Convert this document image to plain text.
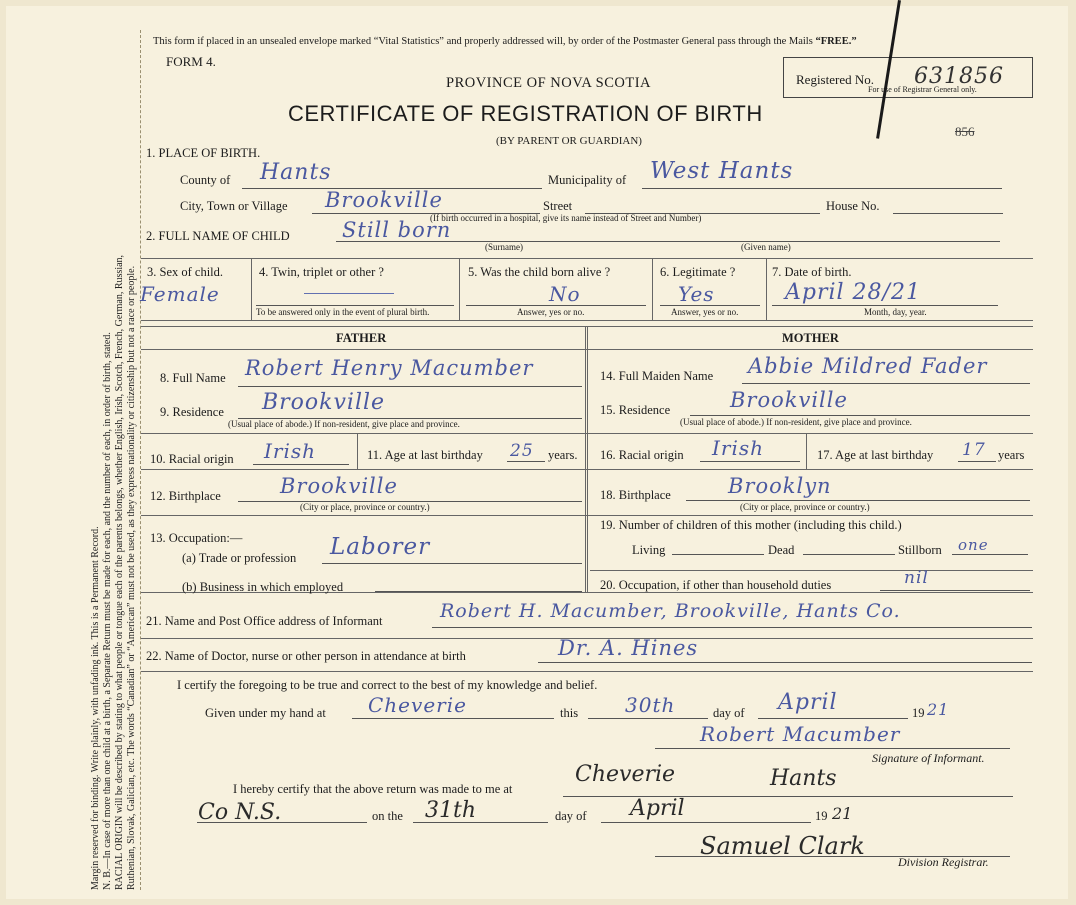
Margin reserved for binding. Write plainly, with unfading ink. This is a Permanent Record. N. B.—In case of more than one child at a birth, a Separate Return must be made for each, and the number of each, in order of birth, stated. RACIAL ORIGIN will be described by stating to what people or tongue each of the parents belongs, whether English, Irish, Scotch, French, German, Russian, Ruthenian, Slovak, Galician, etc. The words “Canadian” or “American” must not be used, as they express nationality or citizenship but not a race or people.
This form if placed in an unsealed envelope marked “Vital Statistics” and properly addressed will, by order of the Postmaster General pass through the Mails “FREE.”
FORM 4.
PROVINCE OF NOVA SCOTIA
CERTIFICATE OF REGISTRATION OF BIRTH
(BY PARENT OR GUARDIAN)
Registered No. 631856
For use of Registrar General only.
856
1. PLACE OF BIRTH.
County of Hants	Municipality of West Hants
City, Town or Village Brookville	Street	House No.
(If birth occurred in a hospital, give its name instead of Street and Number)
2. FULL NAME OF CHILD Still born
(Surname)	(Given name)
3. Sex of child.
Female
4. Twin, triplet or other ?
To be answered only in the event of plural birth.
5. Was the child born alive ?
No
Answer, yes or no.
6. Legitimate ?
Yes
Answer, yes or no.
7. Date of birth.
April 28/21
Month, day, year.
FATHER	MOTHER
8. Full Name Robert Henry Macumber
9. Residence Brookville
(Usual place of abode.) If non-resident, give place and province.
10. Racial origin Irish	11. Age at last birthday 25 years.
12. Birthplace	Brookville
(City or place, province or country.)
13. Occupation:—
(a) Trade or profession Laborer
(b) Business in which employed
14. Full Maiden Name Abbie Mildred Fader
15. Residence	Brookville
(Usual place of abode.) If non-resident, give place and province.
16. Racial origin Irish	17. Age at last birthday 17 years
18. Birthplace	Brooklyn
(City or place, province or country.)
19. Number of children of this mother (including this child.)
Living	Dead	Stillborn one
20. Occupation, if other than household duties	nil
21. Name and Post Office address of Informant	Robert H. Macumber, Brookville, Hants Co.
22. Name of Doctor, nurse or other person in attendance at birth	Dr. A. Hines
I certify the foregoing to be true and correct to the best of my knowledge and belief.
Given under my hand at Cheverie	this 30th	day of April	19 21
Robert Macumber
Signature of Informant.
I hereby certify that the above return was made to me at
Cheverie	Hants
Co N.S.	on the 31th	day of April	19 21
Samuel Clark
Division Registrar.
